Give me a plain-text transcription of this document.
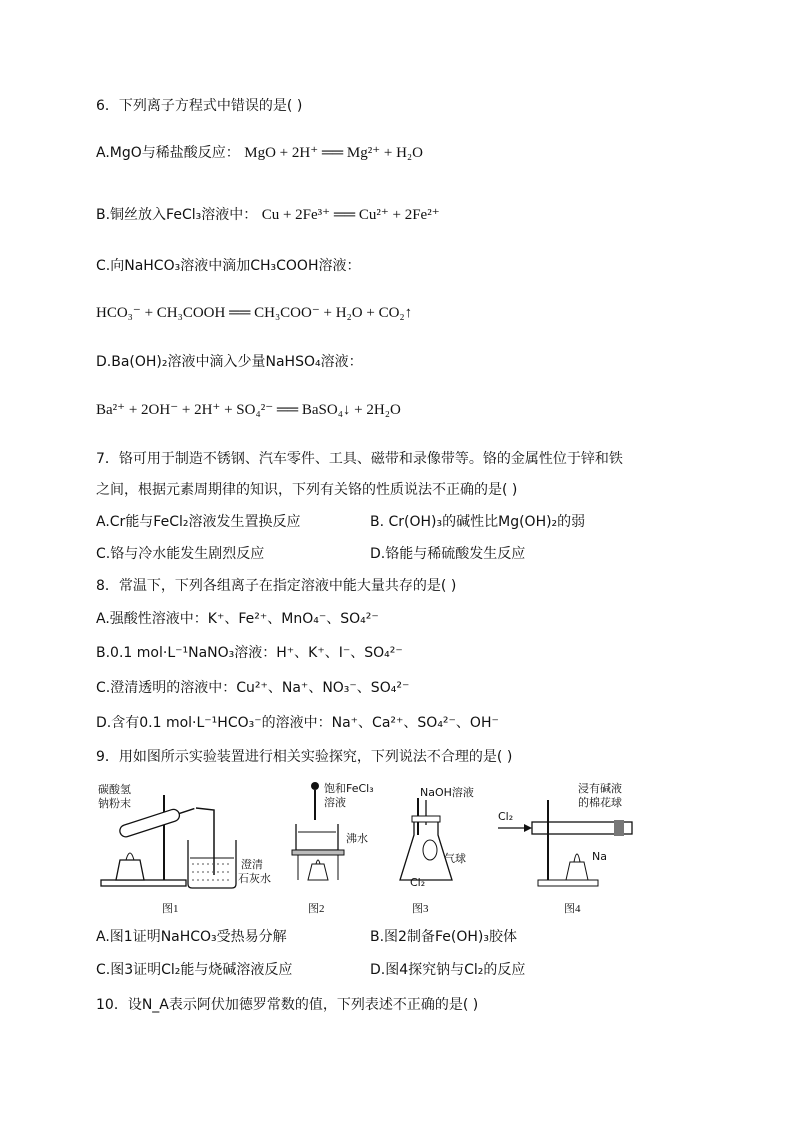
6．下列离子方程式中错误的是( )
A.MgO与稀盐酸反应： MgO + 2H⁺ ══ Mg²⁺ + H₂O
B.铜丝放入FeCl₃溶液中： Cu + 2Fe³⁺ ══ Cu²⁺ + 2Fe²⁺
C.向NaHCO₃溶液中滴加CH₃COOH溶液：
HCO₃⁻ + CH₃COOH ══ CH₃COO⁻ + H₂O + CO₂↑
D.Ba(OH)₂溶液中滴入少量NaHSO₄溶液：
Ba²⁺ + 2OH⁻ + 2H⁺ + SO₄²⁻ ══ BaSO₄↓ + 2H₂O
7．铬可用于制造不锈钢、汽车零件、工具、磁带和录像带等。铬的金属性位于锌和铁
之间，根据元素周期律的知识，下列有关铬的性质说法不正确的是( )
A.Cr能与FeCl₂溶液发生置换反应	B. Cr(OH)₃的碱性比Mg(OH)₂的弱
C.铬与冷水能发生剧烈反应	D.铬能与稀硫酸发生反应
8．常温下，下列各组离子在指定溶液中能大量共存的是( )
A.强酸性溶液中：K⁺、Fe²⁺、MnO₄⁻、SO₄²⁻
B.0.1 mol·L⁻¹NaNO₃溶液：H⁺、K⁺、I⁻、SO₄²⁻
C.澄清透明的溶液中：Cu²⁺、Na⁺、NO₃⁻、SO₄²⁻
D.含有0.1 mol·L⁻¹HCO₃⁻的溶液中：Na⁺、Ca²⁺、SO₄²⁻、OH⁻
9．用如图所示实验装置进行相关实验探究，下列说法不合理的是( )
碳酸氢
钠粉末
澄清
石灰水
图1
饱和FeCl₃
溶液
沸水
图2
NaOH溶液
气球
Cl₂
图3
浸有碱液
的棉花球
Cl₂
Na
图4
A.图1证明NaHCO₃受热易分解	B.图2制备Fe(OH)₃胶体
C.图3证明Cl₂能与烧碱溶液反应	D.图4探究钠与Cl₂的反应
10．设N_A表示阿伏加德罗常数的值，下列表述不正确的是( )
